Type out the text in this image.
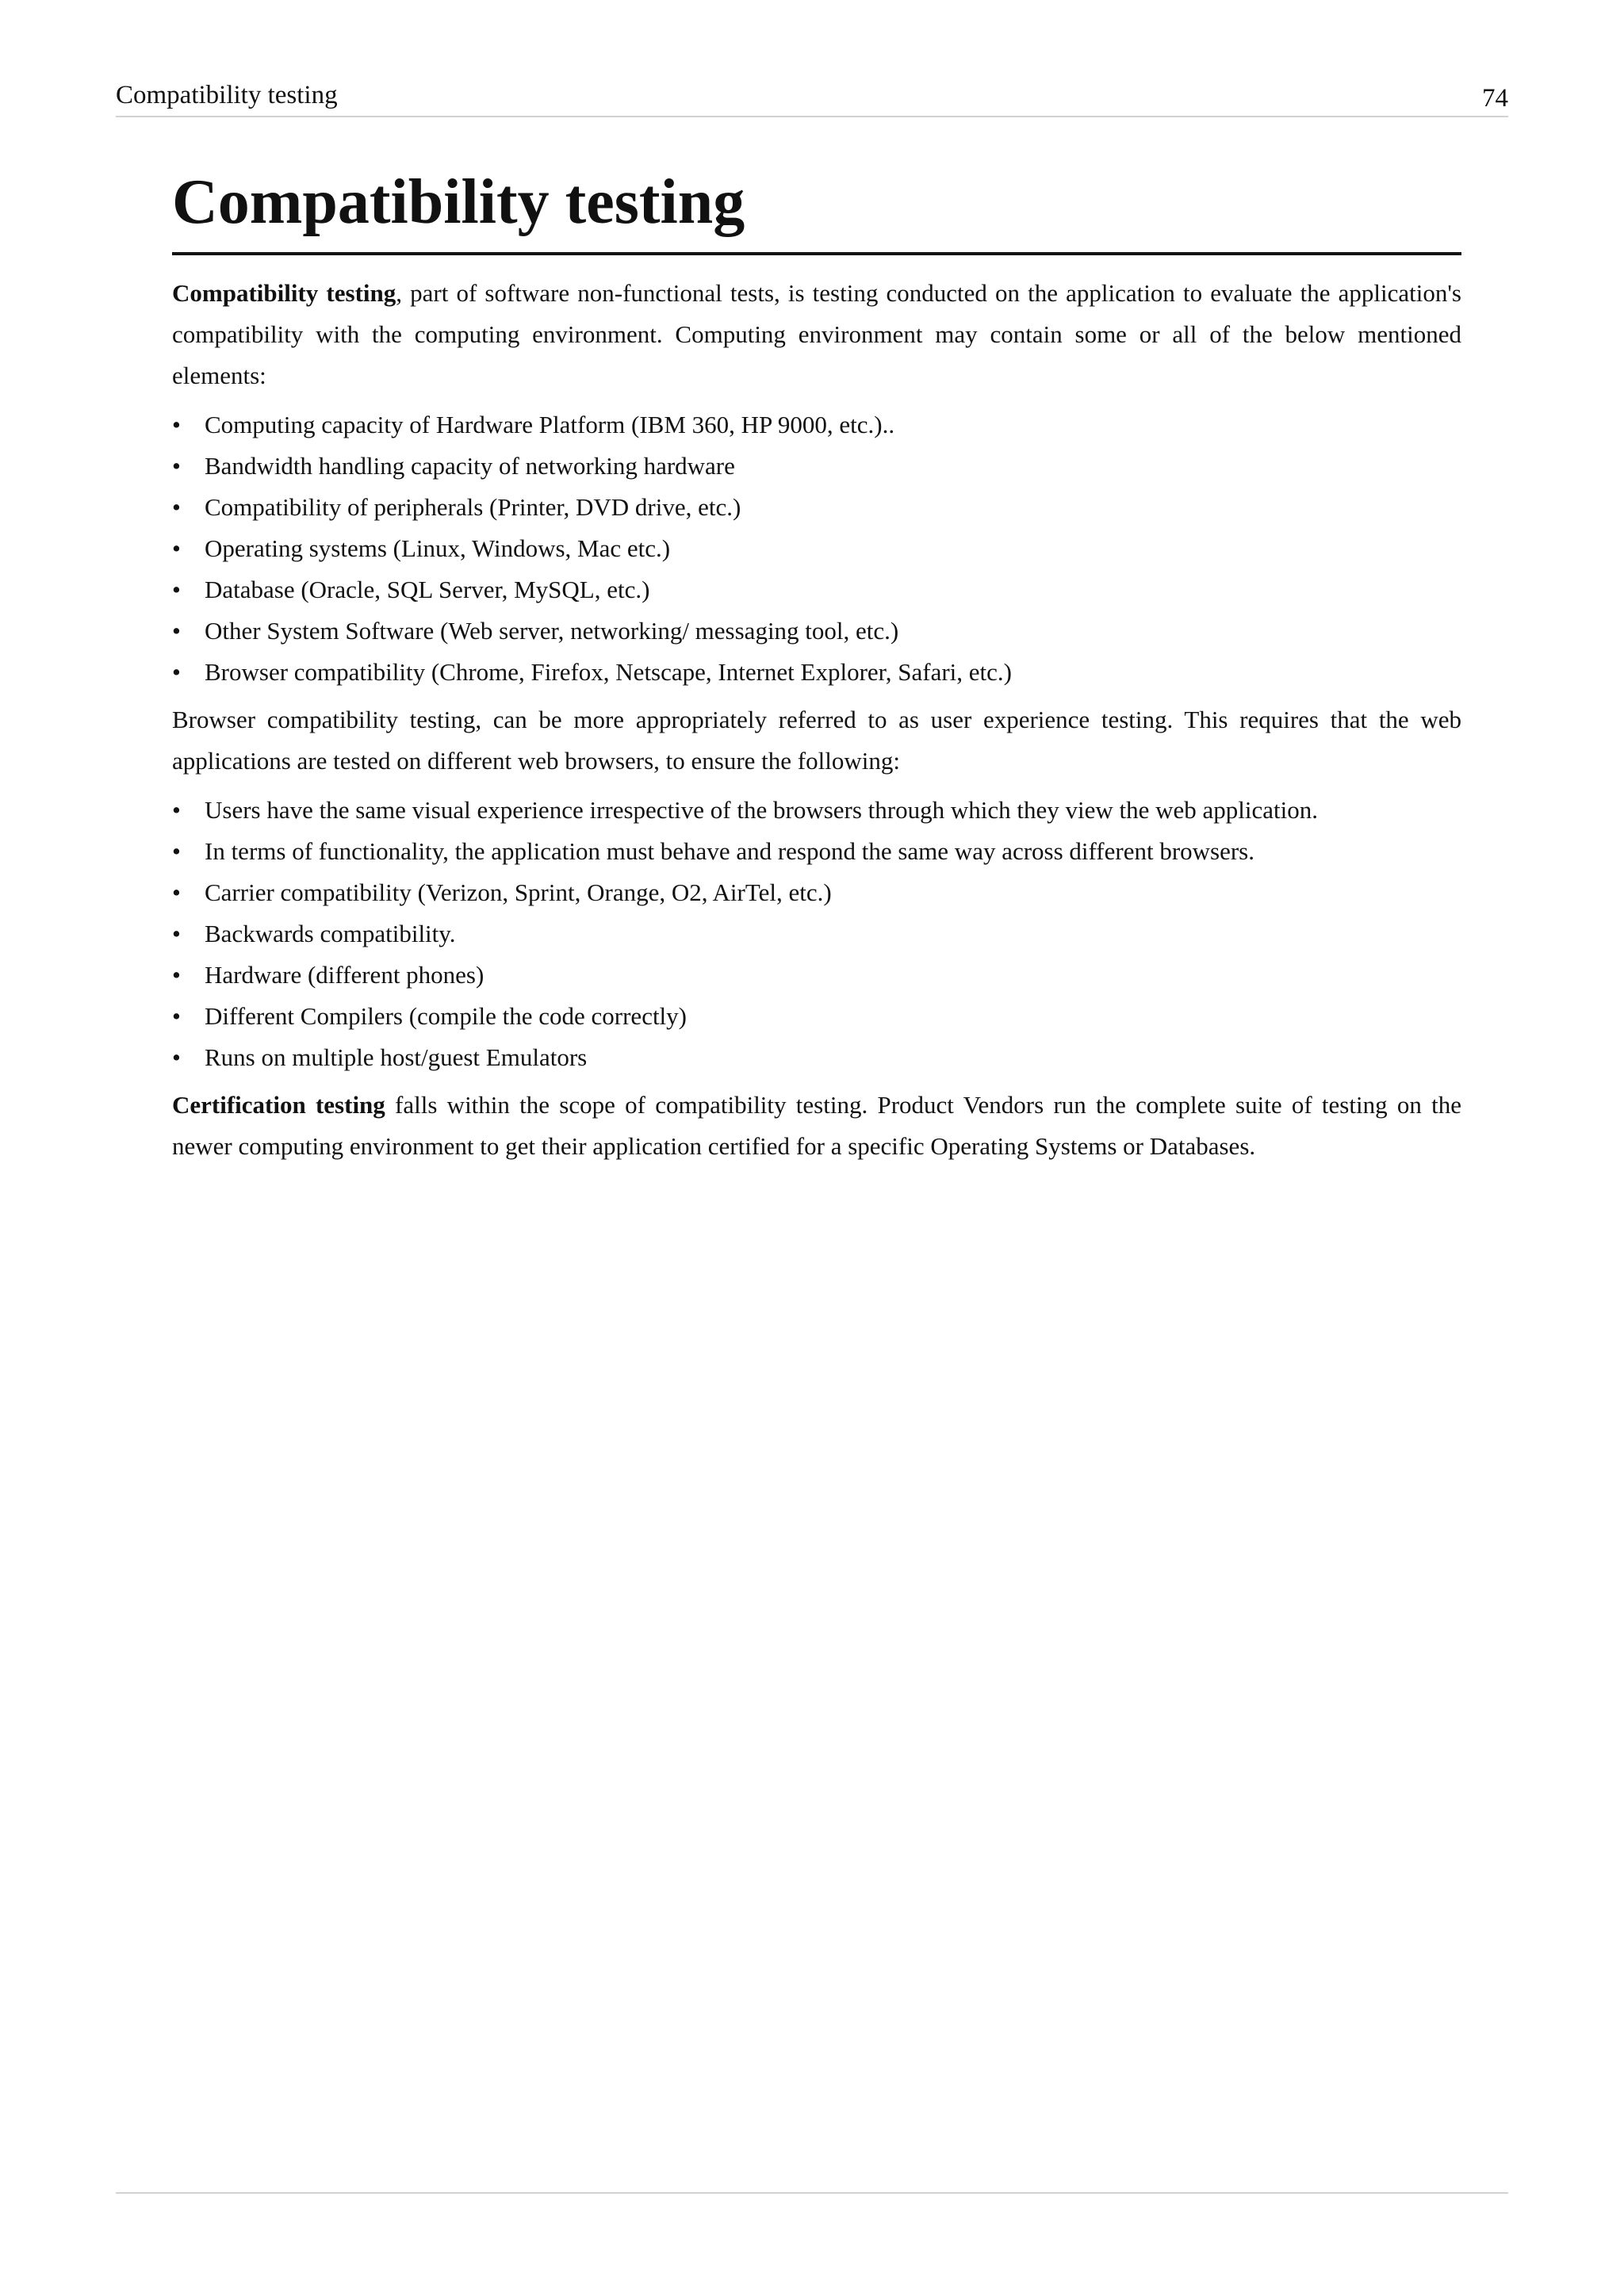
Compatibility testing	74
Compatibility testing

Compatibility testing, part of software non-functional tests, is testing conducted on the application to evaluate the application's compatibility with the computing environment. Computing environment may contain some or all of the below mentioned elements:

• Computing capacity of Hardware Platform (IBM 360, HP 9000, etc.)..
• Bandwidth handling capacity of networking hardware
• Compatibility of peripherals (Printer, DVD drive, etc.)
• Operating systems (Linux, Windows, Mac etc.)
• Database (Oracle, SQL Server, MySQL, etc.)
• Other System Software (Web server, networking/ messaging tool, etc.)
• Browser compatibility (Chrome, Firefox, Netscape, Internet Explorer, Safari, etc.)

Browser compatibility testing, can be more appropriately referred to as user experience testing. This requires that the web applications are tested on different web browsers, to ensure the following:

• Users have the same visual experience irrespective of the browsers through which they view the web application.
• In terms of functionality, the application must behave and respond the same way across different browsers.
• Carrier compatibility (Verizon, Sprint, Orange, O2, AirTel, etc.)
• Backwards compatibility.
• Hardware (different phones)
• Different Compilers (compile the code correctly)
• Runs on multiple host/guest Emulators

Certification testing falls within the scope of compatibility testing. Product Vendors run the complete suite of testing on the newer computing environment to get their application certified for a specific Operating Systems or Databases.
